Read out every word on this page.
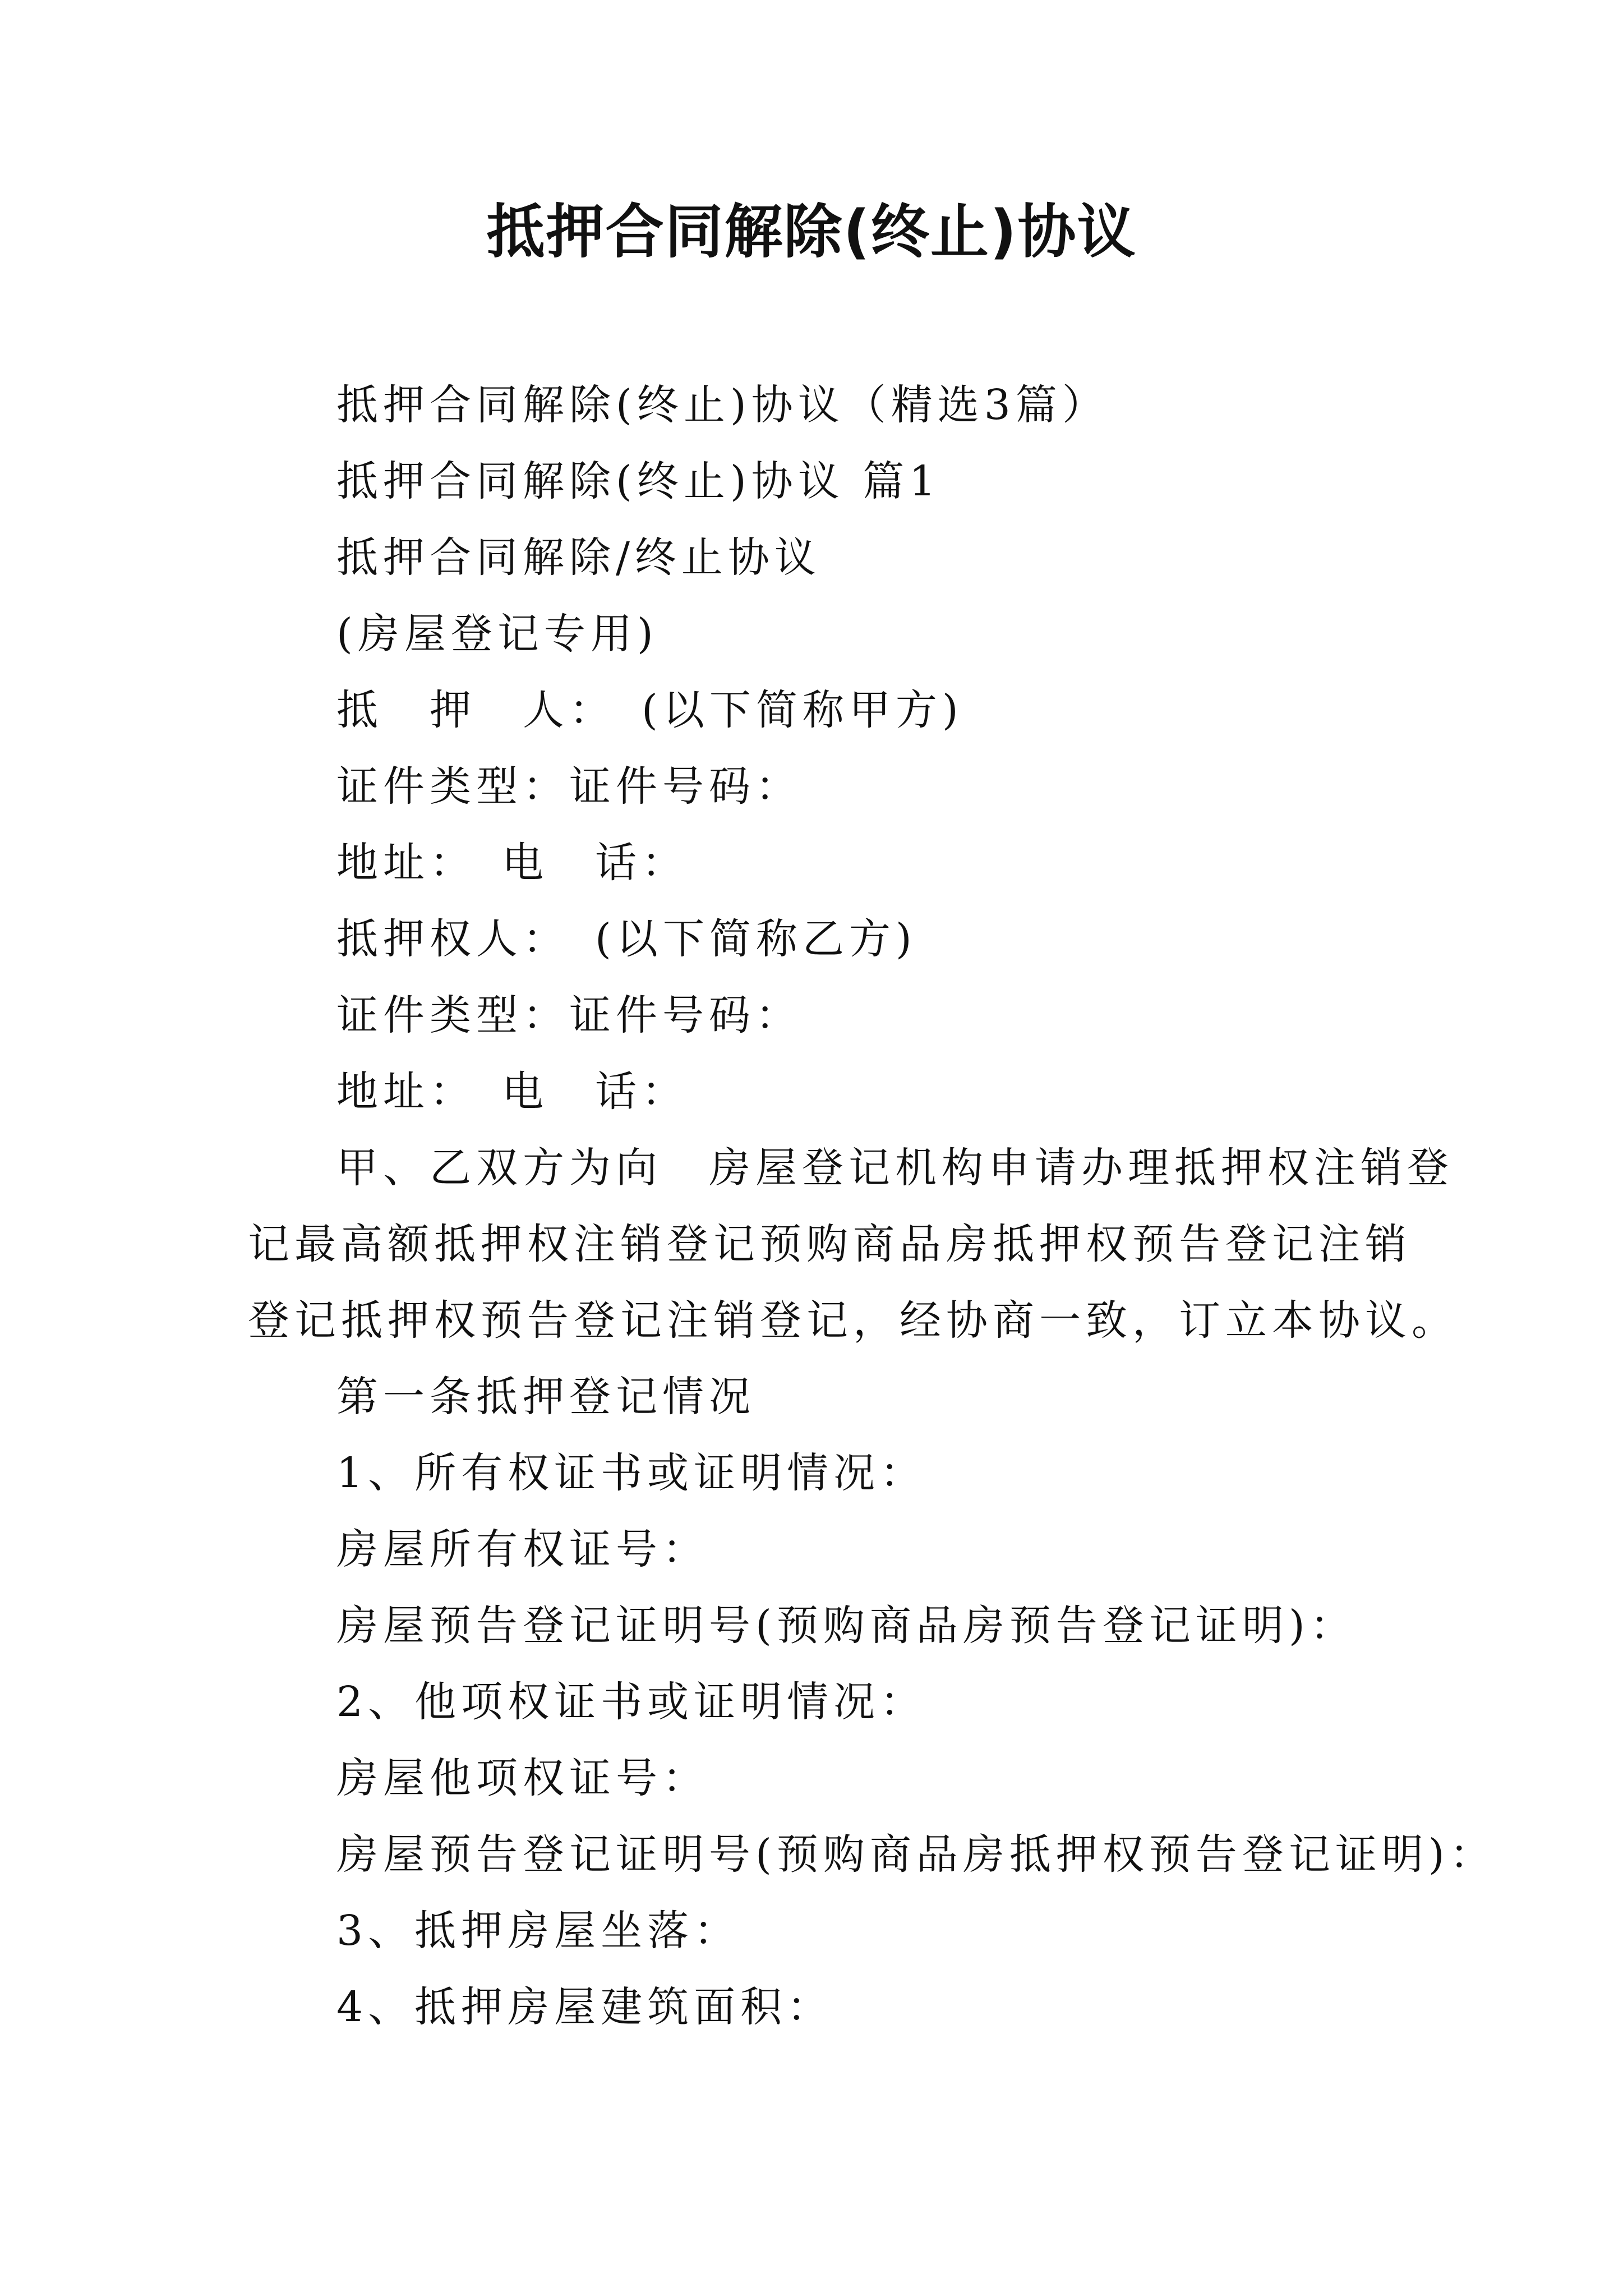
抵押合同解除(终止)协议
抵押合同解除(终止)协议（精选3篇）
抵押合同解除(终止)协议 篇1
抵押合同解除/终止协议
(房屋登记专用)
抵　押　人：　(以下简称甲方)
证件类型：证件号码：
地址：　电　话：
抵押权人：　(以下简称乙方)
证件类型：证件号码：
地址：　电　话：
甲、乙双方为向　房屋登记机构申请办理抵押权注销登
记最高额抵押权注销登记预购商品房抵押权预告登记注销
登记抵押权预告登记注销登记，经协商一致，订立本协议。
第一条抵押登记情况
1、所有权证书或证明情况：
房屋所有权证号：
房屋预告登记证明号(预购商品房预告登记证明)：
2、他项权证书或证明情况：
房屋他项权证号：
房屋预告登记证明号(预购商品房抵押权预告登记证明)：
3、抵押房屋坐落：
4、抵押房屋建筑面积：
